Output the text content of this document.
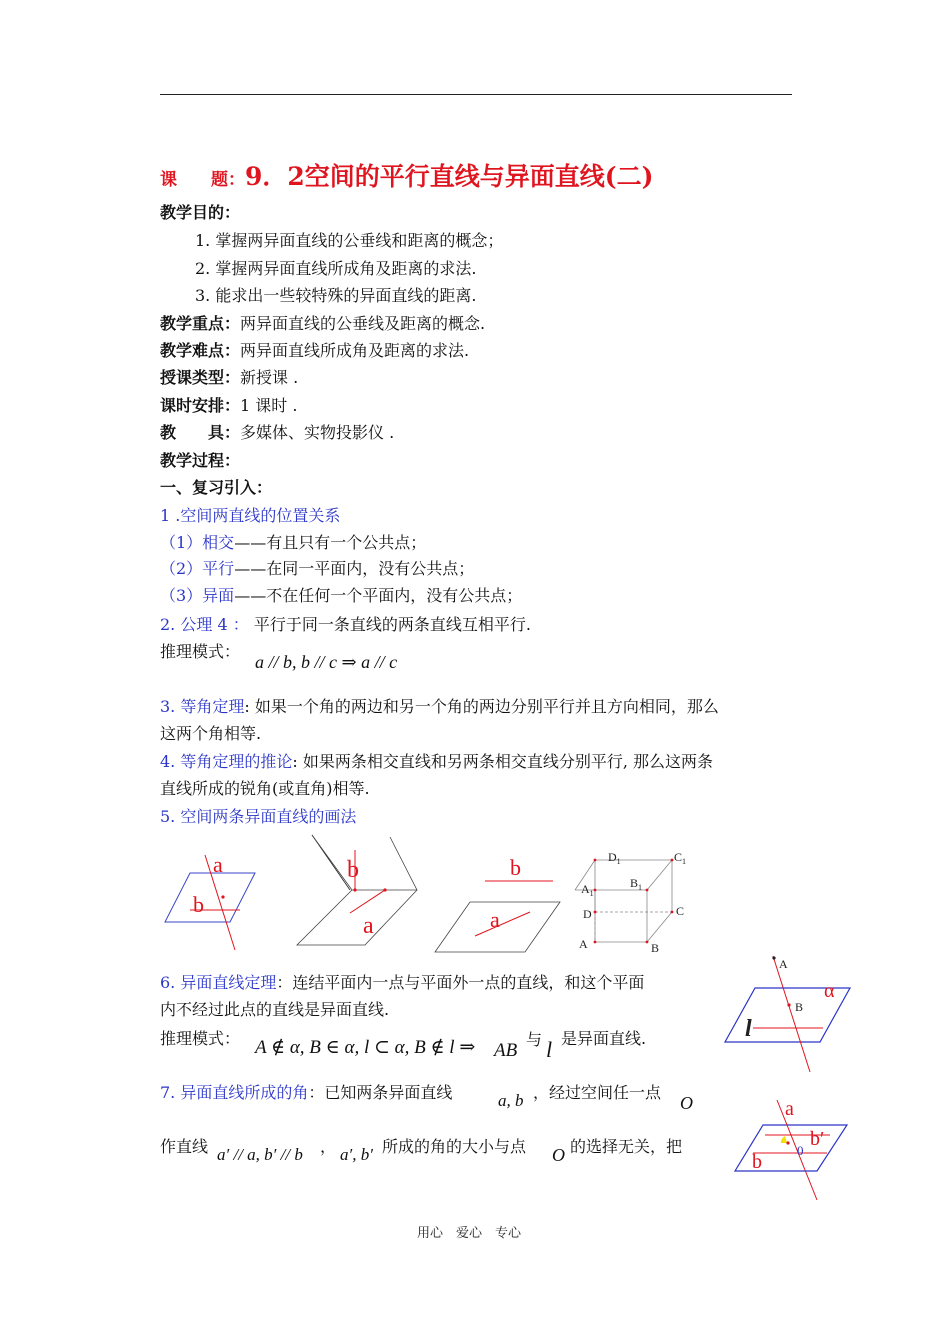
课　　题：9．2空间的平行直线与异面直线(二)
教学目的：
1. 掌握两异面直线的公垂线和距离的概念；
2. 掌握两异面直线所成角及距离的求法.
3. 能求出一些较特殊的异面直线的距离.
教学重点：两异面直线的公垂线及距离的概念.
教学难点：两异面直线所成角及距离的求法.
授课类型：新授课 .
课时安排：1 课时 .
教　　具：多媒体、实物投影仪 .
教学过程：
一、复习引入：
1 .空间两直线的位置关系
（1）相交——有且只有一个公共点；
（2）平行——在同一平面内，没有公共点；
（3）异面——不在任何一个平面内，没有公共点；
2. 公理 4 ： 平行于同一条直线的两条直线互相平行.
推理模式：
a // b, b // c ⇒ a // c
3. 等角定理: 如果一个角的两边和另一个角的两边分别平行并且方向相同，那么
这两个角相等.
4. 等角定理的推论: 如果两条相交直线和另两条相交直线分别平行, 那么这两条
直线所成的锐角(或直角)相等.
5. 空间两条异面直线的画法
a
b
b
a
b
a
$D_1$	$C_1$
$A_1$
$B_1$
D	C
A	B
6. 异面直线定理：连结平面内一点与平面外一点的直线，和这个平面
内不经过此点的直线是异面直线.
推理模式： A ∉ α, B ∈ α, l ⊂ α, B ∉ l ⇒ AB
与 l 是异面直线.
A
B
α
l
7. 异面直线所成的角：已知两条异面直线	a, b ，经过空间任一点
O
作直线 a′ // a, b′ // b ， a′, b′ 所成的角的大小与点 O 的选择无关，把
a
b′
b
0
用心　爱心　专心
